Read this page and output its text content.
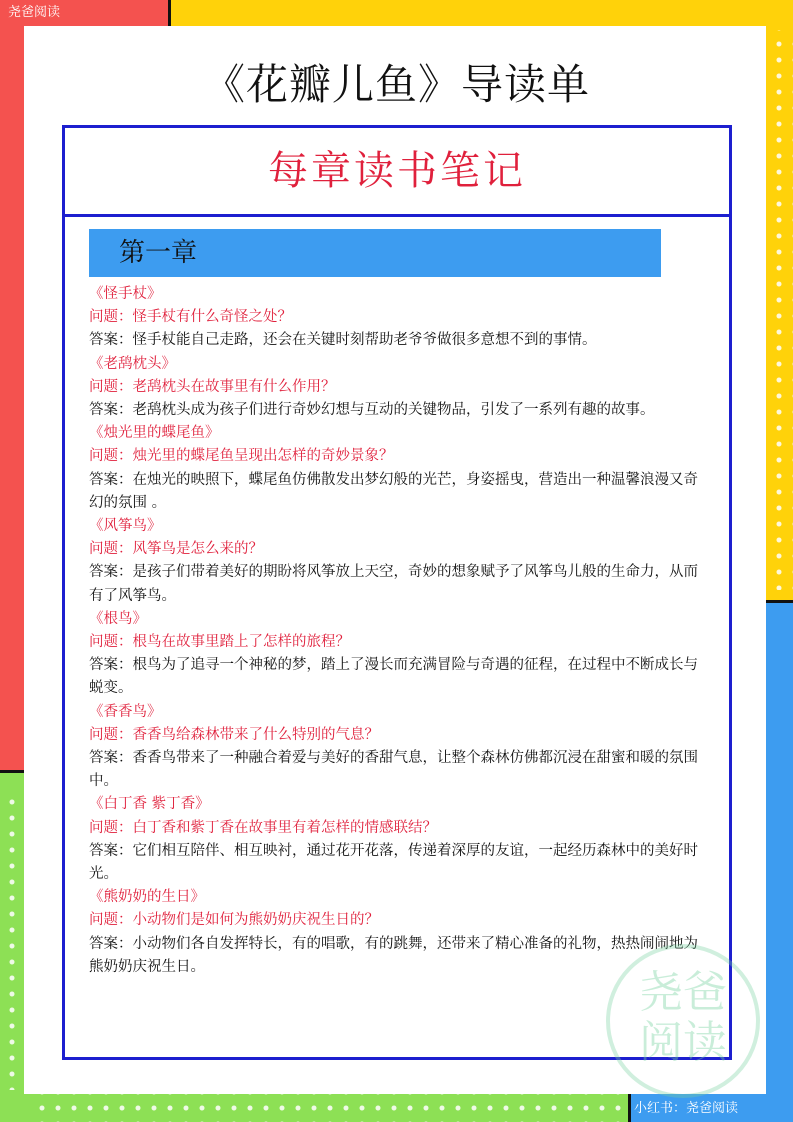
尧爸阅读
小红书：尧爸阅读
《花瓣儿鱼》导读单
每章读书笔记
第一章

《怪手杖》

问题：怪手杖有什么奇怪之处？

答案：怪手杖能自己走路，还会在关键时刻帮助老爷爷做很多意想不到的事情。

《老鸹枕头》

问题：老鸹枕头在故事里有什么作用？

答案：老鸹枕头成为孩子们进行奇妙幻想与互动的关键物品，引发了一系列有趣的故事。

《烛光里的蝶尾鱼》

问题：烛光里的蝶尾鱼呈现出怎样的奇妙景象？

答案：在烛光的映照下，蝶尾鱼仿佛散发出梦幻般的光芒，身姿摇曳，营造出一种温馨浪漫又奇幻的氛围 。

《风筝鸟》

问题：风筝鸟是怎么来的？

答案：是孩子们带着美好的期盼将风筝放上天空，奇妙的想象赋予了风筝鸟儿般的生命力，从而有了风筝鸟。

《根鸟》

问题：根鸟在故事里踏上了怎样的旅程？

答案：根鸟为了追寻一个神秘的梦，踏上了漫长而充满冒险与奇遇的征程，在过程中不断成长与蜕变。

《香香鸟》

问题：香香鸟给森林带来了什么特别的气息？

答案：香香鸟带来了一种融合着爱与美好的香甜气息，让整个森林仿佛都沉浸在甜蜜和暖的氛围中。

《白丁香 紫丁香》

问题：白丁香和紫丁香在故事里有着怎样的情感联结？

答案：它们相互陪伴、相互映衬，通过花开花落，传递着深厚的友谊，一起经历森林中的美好时光。

《熊奶奶的生日》

问题：小动物们是如何为熊奶奶庆祝生日的？

答案：小动物们各自发挥特长，有的唱歌，有的跳舞，还带来了精心准备的礼物，热热闹闹地为熊奶奶庆祝生日。

尧爸
阅读
